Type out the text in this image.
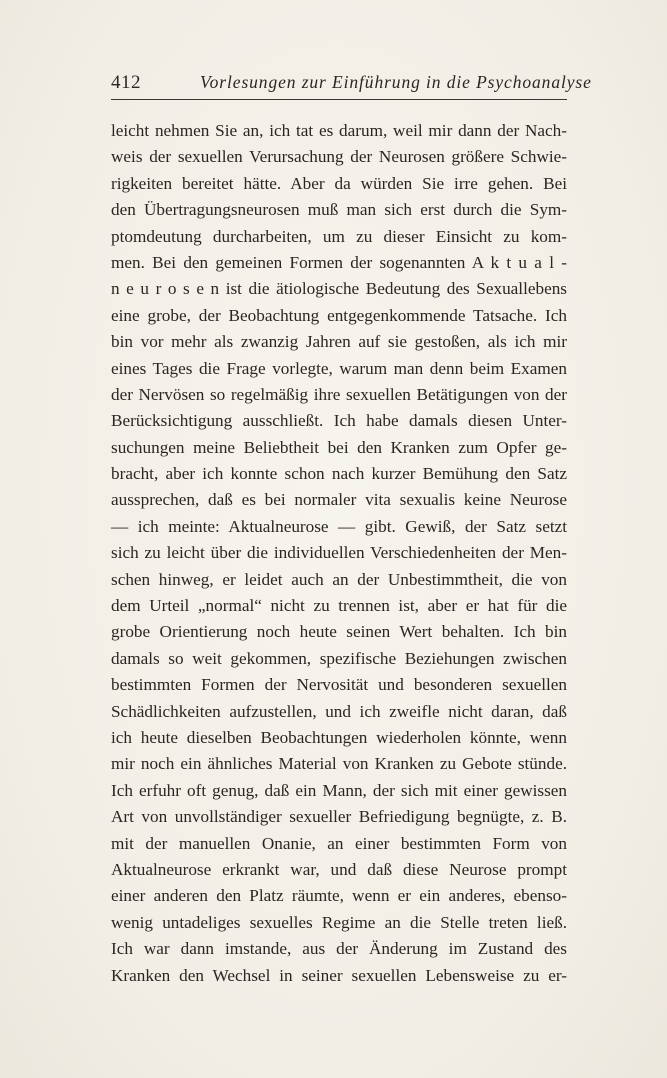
412	Vorlesungen zur Einführung in die Psychoanalyse
leicht nehmen Sie an, ich tat es darum, weil mir dann der Nach-
weis der sexuellen Verursachung der Neurosen größere Schwie-
rigkeiten bereitet hätte. Aber da würden Sie irre gehen. Bei
den Übertragungsneurosen muß man sich erst durch die Sym-
ptomdeutung durcharbeiten, um zu dieser Einsicht zu kom-
men. Bei den gemeinen Formen der sogenannten A k t u a l -
n e u r o s e n ist die ätiologische Bedeutung des Sexuallebens
eine grobe, der Beobachtung entgegenkommende Tatsache. Ich
bin vor mehr als zwanzig Jahren auf sie gestoßen, als ich mir
eines Tages die Frage vorlegte, warum man denn beim Examen
der Nervösen so regelmäßig ihre sexuellen Betätigungen von der
Berücksichtigung ausschließt. Ich habe damals diesen Unter-
suchungen meine Beliebtheit bei den Kranken zum Opfer ge-
bracht, aber ich konnte schon nach kurzer Bemühung den Satz
aussprechen, daß es bei normaler vita sexualis keine Neurose
— ich meinte: Aktualneurose — gibt. Gewiß, der Satz setzt
sich zu leicht über die individuellen Verschiedenheiten der Men-
schen hinweg, er leidet auch an der Unbestimmtheit, die von
dem Urteil „normal“ nicht zu trennen ist, aber er hat für die
grobe Orientierung noch heute seinen Wert behalten. Ich bin
damals so weit gekommen, spezifische Beziehungen zwischen
bestimmten Formen der Nervosität und besonderen sexuellen
Schädlichkeiten aufzustellen, und ich zweifle nicht daran, daß
ich heute dieselben Beobachtungen wiederholen könnte, wenn
mir noch ein ähnliches Material von Kranken zu Gebote stünde.
Ich erfuhr oft genug, daß ein Mann, der sich mit einer gewissen
Art von unvollständiger sexueller Befriedigung begnügte, z. B.
mit der manuellen Onanie, an einer bestimmten Form von
Aktualneurose erkrankt war, und daß diese Neurose prompt
einer anderen den Platz räumte, wenn er ein anderes, ebenso-
wenig untadeliges sexuelles Regime an die Stelle treten ließ.
Ich war dann imstande, aus der Änderung im Zustand des
Kranken den Wechsel in seiner sexuellen Lebensweise zu er-
